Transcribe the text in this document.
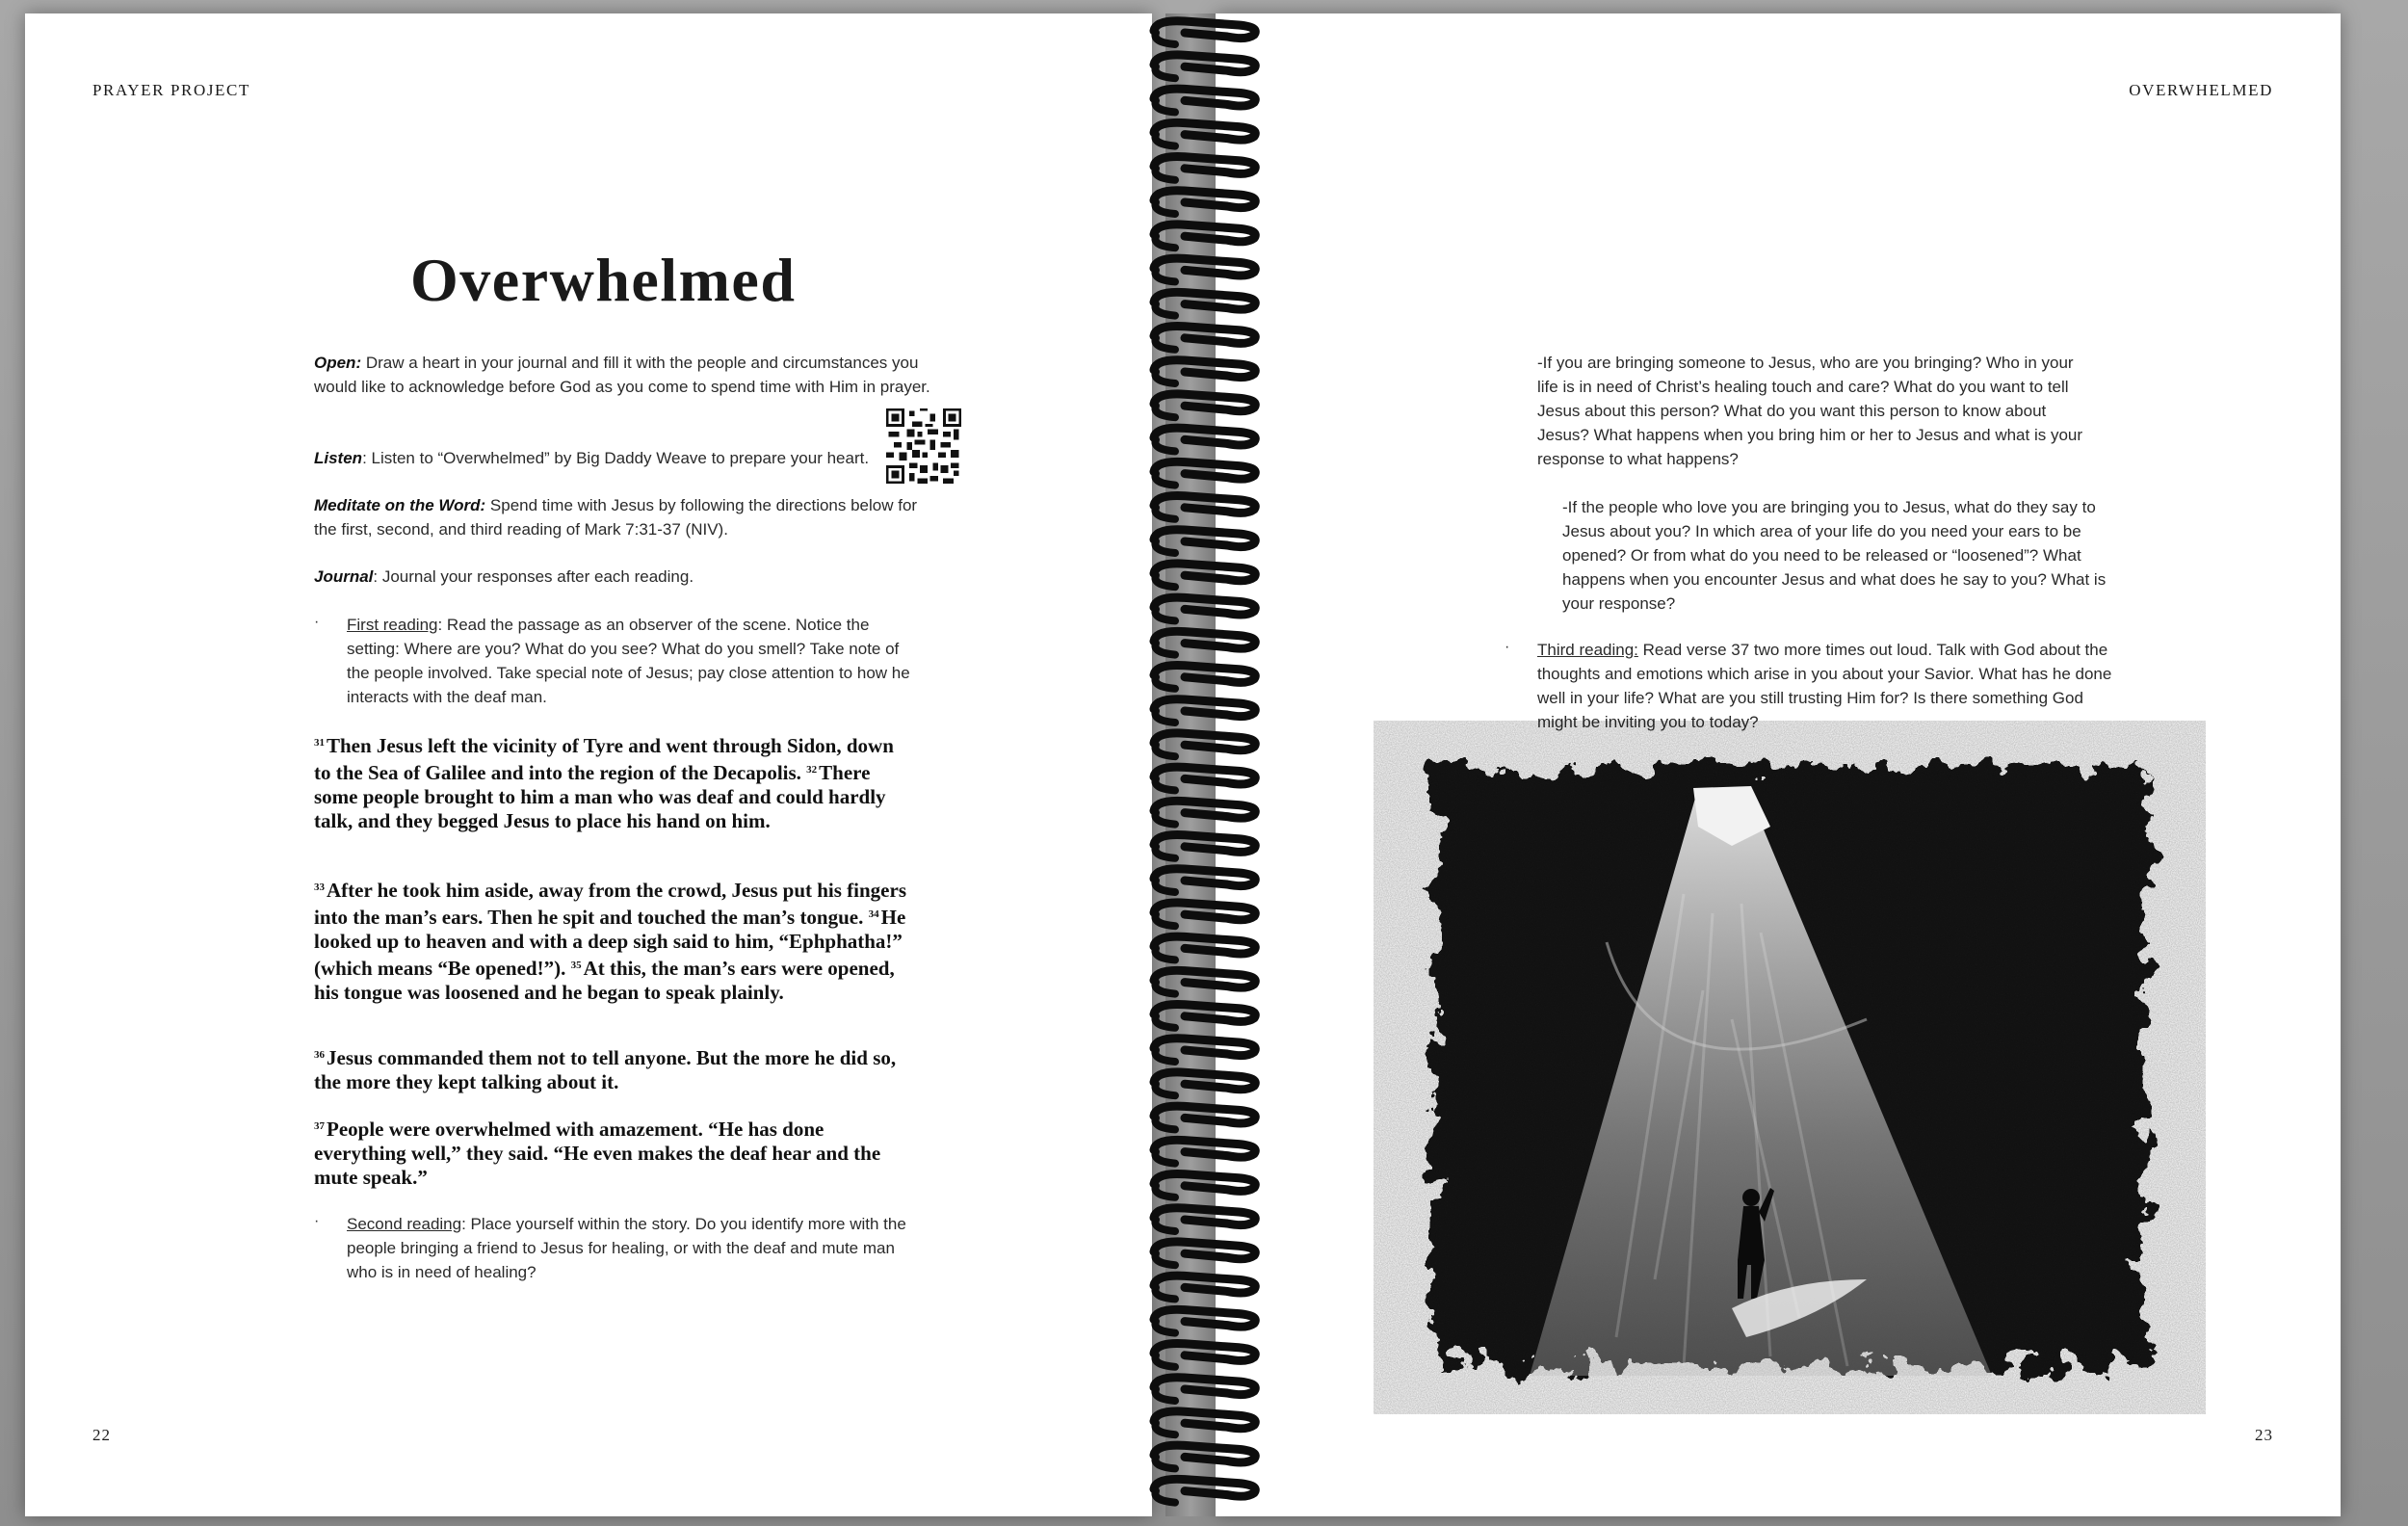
PRAYER PROJECT
Overwhelmed

Open: Draw a heart in your journal and fill it with the people and circumstances you would like to acknowledge before God as you come to spend time with Him in prayer.

Listen: Listen to “Overwhelmed” by Big Daddy Weave to prepare your heart.

Meditate on the Word: Spend time with Jesus by following the directions below for the first, second, and third reading of Mark 7:31-37 (NIV).

Journal: Journal your responses after each reading.

· First reading: Read the passage as an observer of the scene. Notice the setting: Where are you? What do you see? What do you smell? Take note of the people involved. Take special note of Jesus; pay close attention to how he interacts with the deaf man.

$^{31}$Then Jesus left the vicinity of Tyre and went through Sidon, down to the Sea of Galilee and into the region of the Decapolis. $^{32}$There some people brought to him a man who was deaf and could hardly talk, and they begged Jesus to place his hand on him.
$^{33}$After he took him aside, away from the crowd, Jesus put his fingers into the man’s ears. Then he spit and touched the man’s tongue. $^{34}$He looked up to heaven and with a deep sigh said to him, “Ephphatha!” (which means “Be opened!”). $^{35}$At this, the man’s ears were opened, his tongue was loosened and he began to speak plainly.
$^{36}$Jesus commanded them not to tell anyone. But the more he did so, the more they kept talking about it.
$^{37}$People were overwhelmed with amazement. “He has done everything well,” they said. “He even makes the deaf hear and the mute speak.”
· Second reading: Place yourself within the story. Do you identify more with the people bringing a friend to Jesus for healing, or with the deaf and mute man who is in need of healing?

22
OVERWHELMED

-If you are bringing someone to Jesus, who are you bringing? Who in your life is in need of Christ’s healing touch and care? What do you want to tell Jesus about this person? What do you want this person to know about Jesus? What happens when you bring him or her to Jesus and what is your response to what happens?

-If the people who love you are bringing you to Jesus, what do they say to Jesus about you? In which area of your life do you need your ears to be opened? Or from what do you need to be released or “loosened”? What happens when you encounter Jesus and what does he say to you? What is your response?

· Third reading: Read verse 37 two more times out loud. Talk with God about the thoughts and emotions which arise in you about your Savior. What has he done well in your life? What are you still trusting Him for? Is there something God might be inviting you to today?

23
